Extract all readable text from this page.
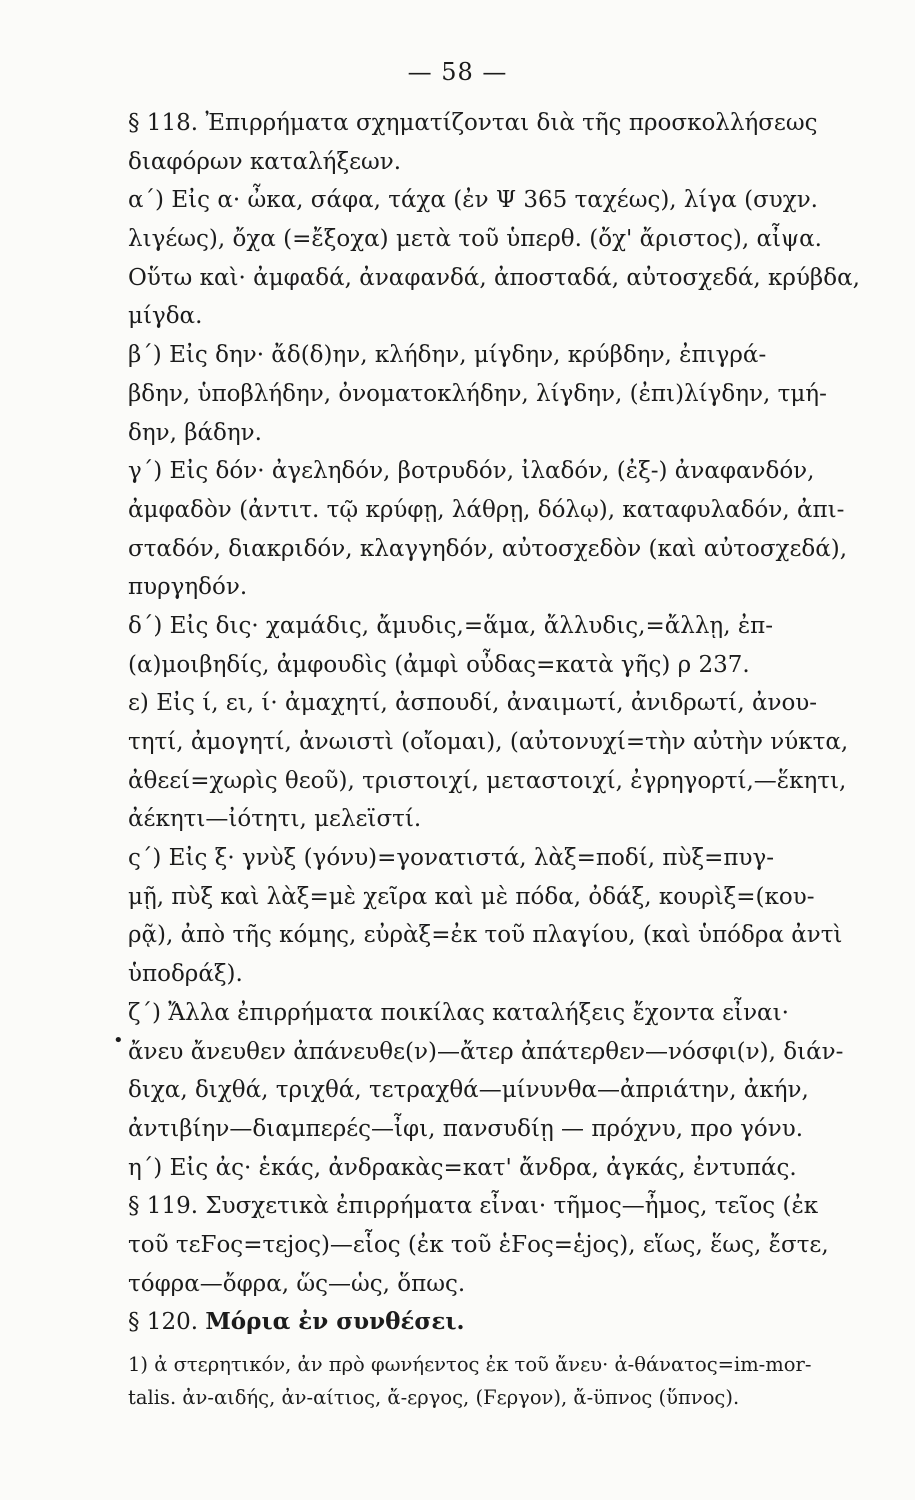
— 58 —
§ 118. Ἐπιρρήματα σχηματίζονται διὰ τῆς προσκολλήσεως
διαφόρων καταλήξεων.
α´) Εἰς α· ὦκα, σάφα, τάχα (ἐν Ψ 365 ταχέως), λίγα (συχν.
λιγέως), ὄχα (=ἔξοχα) μετὰ τοῦ ὑπερθ. (ὄχ' ἄριστος), αἶψα.
Οὕτω καὶ· ἀμφαδά, ἀναφανδά, ἀποσταδά, αὐτοσχεδά, κρύβδα,
μίγδα.
β´) Εἰς δην· ἄδ(δ)ην, κλήδην, μίγδην, κρύβδην, ἐπιγρά-
βδην, ὑποβλήδην, ὀνοματοκλήδην, λίγδην, (ἐπι)λίγδην, τμή-
δην, βάδην.
γ´) Εἰς δόν· ἀγεληδόν, βοτρυδόν, ἰλαδόν, (ἐξ-) ἀναφανδόν,
ἀμφαδὸν (ἀντιτ. τῷ κρύφῃ, λάθρῃ, δόλῳ), καταφυλαδόν, ἀπι-
σταδόν, διακριδόν, κλαγγηδόν, αὐτοσχεδὸν (καὶ αὐτοσχεδά),
πυργηδόν.
δ´) Εἰς δις· χαμάδις, ἄμυδις,=ἅμα, ἄλλυδις,=ἄλλῃ, ἐπ-
(α)μοιβηδίς, ἀμφουδὶς (ἀμφὶ οὖδας=κατὰ γῆς) ρ 237.
ε) Εἰς ί, ει, ί· ἀμαχητί, ἀσπουδί, ἀναιμωτί, ἀνιδρωτί, ἀνου-
τητί, ἀμογητί, ἀνωιστὶ (οἴομαι), (αὐτονυχί=τὴν αὐτὴν νύκτα,
ἀθεεί=χωρὶς θεοῦ), τριστοιχί, μεταστοιχί, ἐγρηγορτί,—ἕκητι,
ἀέκητι—ἰότητι, μελεϊστί.
ς´) Εἰς ξ· γνὺξ (γόνυ)=γονατιστά, λὰξ=ποδί, πὺξ=πυγ-
μῇ, πὺξ καὶ λὰξ=μὲ χεῖρα καὶ μὲ πόδα, ὀδάξ, κουρὶξ=(κου-
ρᾷ), ἀπὸ τῆς κόμης, εὐρὰξ=ἐκ τοῦ πλαγίου, (καὶ ὑπόδρα ἀντὶ
ὑποδράξ).
ζ´) Ἄλλα ἐπιρρήματα ποικίλας καταλήξεις ἔχοντα εἶναι·
ἄνευ ἄνευθεν ἀπάνευθε(ν)—ἄτερ ἀπάτερθεν—νόσφι(ν), διάν-
διχα, διχθά, τριχθά, τετραχθά—μίνυνθα—ἀπριάτην, ἀκήν,
ἀντιβίην—διαμπερές—ἶφι, πανσυδίῃ — πρόχνυ, προ γόνυ.
η´) Εἰς ἀς· ἑκάς, ἀνδρακὰς=κατ' ἄνδρα, ἀγκάς, ἐντυπάς.
§ 119. Συσχετικὰ ἐπιρρήματα εἶναι· τῆμος—ἦμος, τεῖος (ἐκ
τοῦ τεϜος=τεjος)—εἷος (ἐκ τοῦ ἑϜος=ἑjος), εἵως, ἕως, ἔστε,
τόφρα—ὄφρα, ὥς—ὡς, ὅπως.
§ 120. Μόρια ἐν συνθέσει.
1) ἀ στερητικόν, ἀν πρὸ φωνήεντος ἐκ τοῦ ἄνευ· ἀ-θάνατος=im-mor-
talis. ἀν-αιδής, ἀν-αίτιος, ἄ-εργος, (Ϝεργον), ἄ-ϋπνος (ὕπνος).
•
